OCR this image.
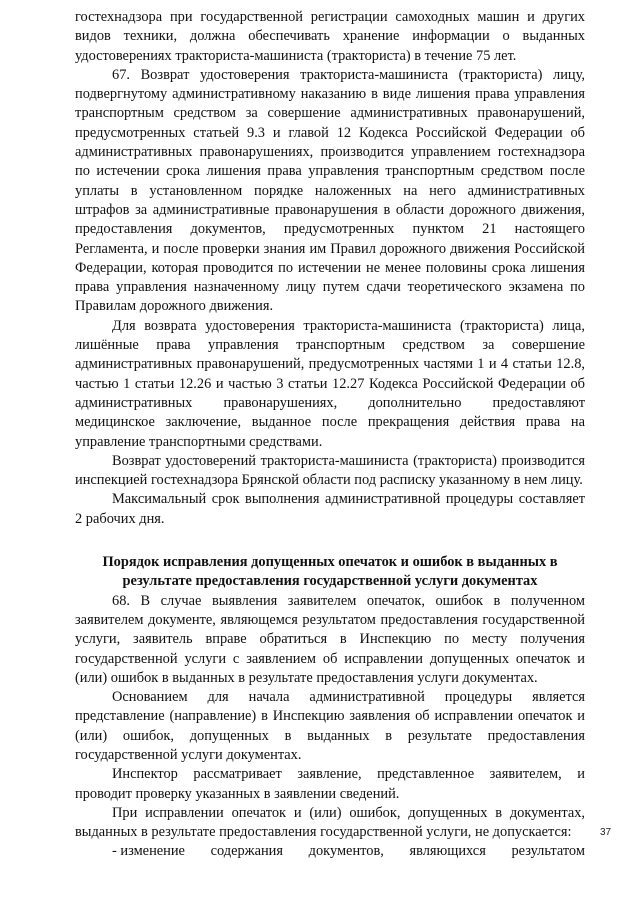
гостехнадзора при государственной регистрации самоходных машин и других видов техники, должна обеспечивать хранение информации о выданных удостоверениях тракториста-машиниста (тракториста) в течение 75 лет.

67. Возврат удостоверения тракториста-машиниста (тракториста) лицу, подвергнутому административному наказанию в виде лишения права управления транспортным средством за совершение административных правонарушений, предусмотренных статьей 9.3 и главой 12 Кодекса Российской Федерации об административных правонарушениях, производится управлением гостехнадзора по истечении срока лишения права управления транспортным средством после уплаты в установленном порядке наложенных на него административных штрафов за административные правонарушения в области дорожного движения, предоставления документов, предусмотренных пунктом 21 настоящего Регламента, и после проверки знания им Правил дорожного движения Российской Федерации, которая проводится по истечении не менее половины срока лишения права управления назначенному лицу путем сдачи теоретического экзамена по Правилам дорожного движения.

Для возврата удостоверения тракториста-машиниста (тракториста) лица, лишённые права управления транспортным средством за совершение административных правонарушений, предусмотренных частями 1 и 4 статьи 12.8, частью 1 статьи 12.26 и частью 3 статьи 12.27 Кодекса Российской Федерации об административных правонарушениях, дополнительно предоставляют медицинское заключение, выданное после прекращения действия права на управление транспортными средствами.

Возврат удостоверений тракториста-машиниста (тракториста) производится инспекцией гостехнадзора Брянской области под расписку указанному в нем лицу.

Максимальный срок выполнения административной процедуры составляет 2 рабочих дня.

Порядок исправления допущенных опечаток и ошибок в выданных в результате предоставления государственной услуги документах

68. В случае выявления заявителем опечаток, ошибок в полученном заявителем документе, являющемся результатом предоставления государственной услуги, заявитель вправе обратиться в Инспекцию по месту получения государственной услуги с заявлением об исправлении допущенных опечаток и (или) ошибок в выданных в результате предоставления услуги документах.

Основанием для начала административной процедуры является представление (направление) в Инспекцию заявления об исправлении опечаток и (или) ошибок, допущенных в выданных в результате предоставления государственной услуги документах.

Инспектор рассматривает заявление, представленное заявителем, и проводит проверку указанных в заявлении сведений.

При исправлении опечаток и (или) ошибок, допущенных в документах, выданных в результате предоставления государственной услуги, не допускается:

- изменение содержания документов, являющихся результатом
37
